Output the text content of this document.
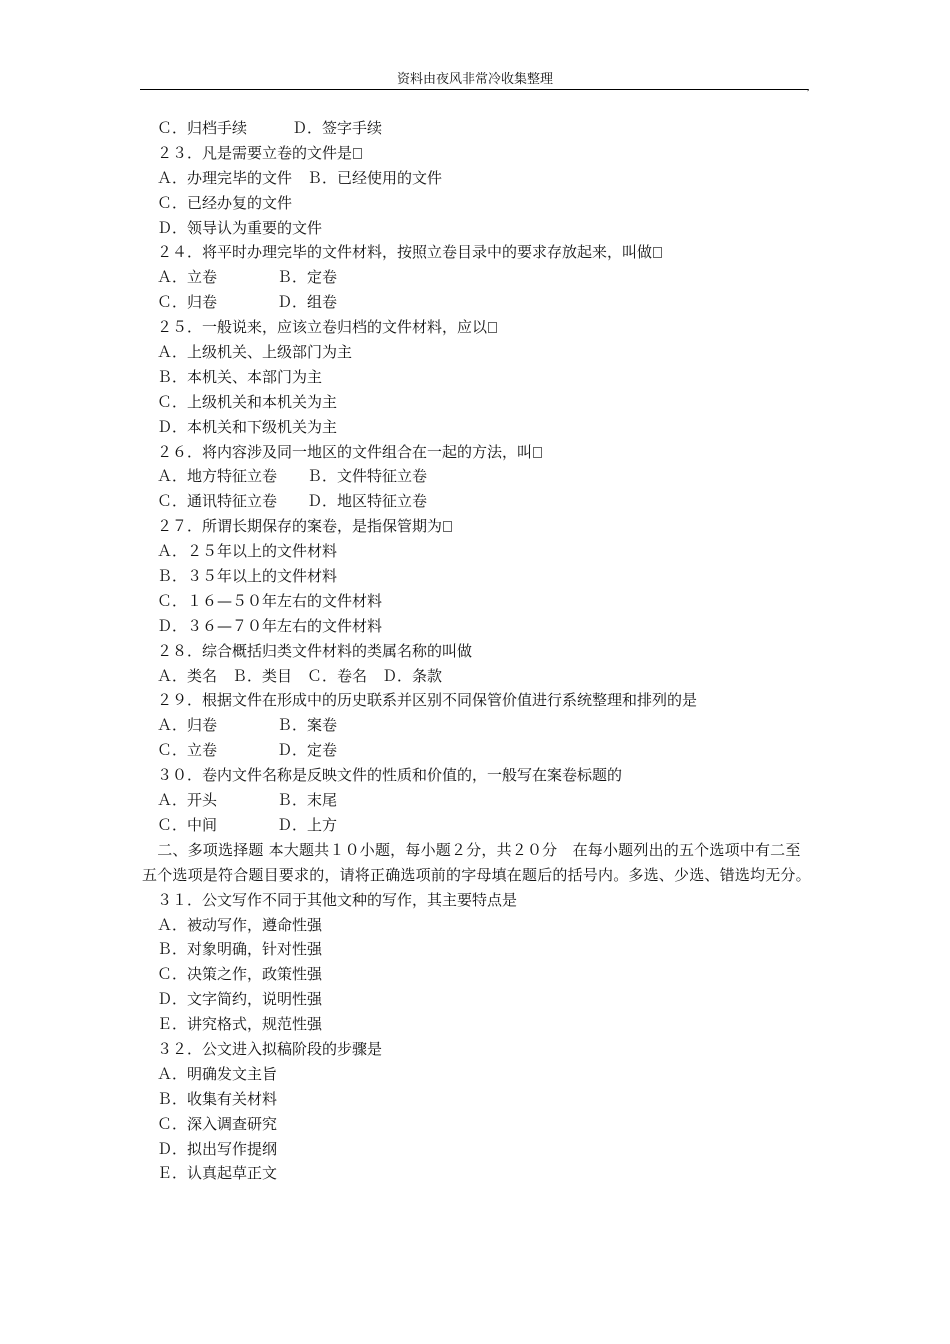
资料由夜风非常冷收集整理
,
　Ｃ．归档手续　　　Ｄ．签字手续
　２３．凡是需要立卷的文件是
　Ａ．办理完毕的文件　Ｂ．已经使用的文件
　Ｃ．已经办复的文件
　Ｄ．领导认为重要的文件
　２４．将平时办理完毕的文件材料，按照立卷目录中的要求存放起来，叫做
　Ａ．立卷　　　　Ｂ．定卷
　Ｃ．归卷　　　　Ｄ．组卷
　２５．一般说来，应该立卷归档的文件材料，应以
　Ａ．上级机关、上级部门为主
　Ｂ．本机关、本部门为主
　Ｃ．上级机关和本机关为主
　Ｄ．本机关和下级机关为主
　２６．将内容涉及同一地区的文件组合在一起的方法，叫
　Ａ．地方特征立卷　　Ｂ．文件特征立卷
　Ｃ．通讯特征立卷　　Ｄ．地区特征立卷
　２７．所谓长期保存的案卷，是指保管期为
　Ａ．２５年以上的文件材料
　Ｂ．３５年以上的文件材料
　Ｃ．１６—５０年左右的文件材料
　Ｄ．３６—７０年左右的文件材料
　２８．综合概括归类文件材料的类属名称的叫做
　Ａ．类名　Ｂ．类目　Ｃ．卷名　Ｄ．条款
　２９．根据文件在形成中的历史联系并区别不同保管价值进行系统整理和排列的是
　Ａ．归卷　　　　Ｂ．案卷
　Ｃ．立卷　　　　Ｄ．定卷
　３０．卷内文件名称是反映文件的性质和价值的，一般写在案卷标题的
　Ａ．开头　　　　Ｂ．末尾
　Ｃ．中间　　　　Ｄ．上方
　二、多项选择题 本大题共１０小题，每小题２分，共２０分　在每小题列出的五个选项中有二至五个选项是符合题目要求的，请将正确选项前的字母填在题后的括号内。多选、少选、错选均无分。
　３１．公文写作不同于其他文种的写作，其主要特点是
　Ａ．被动写作，遵命性强
　Ｂ．对象明确，针对性强
　Ｃ．决策之作，政策性强
　Ｄ．文字简约，说明性强
　Ｅ．讲究格式，规范性强
　３２．公文进入拟稿阶段的步骤是
　Ａ．明确发文主旨
　Ｂ．收集有关材料
　Ｃ．深入调查研究
　Ｄ．拟出写作提纲
　Ｅ．认真起草正文
